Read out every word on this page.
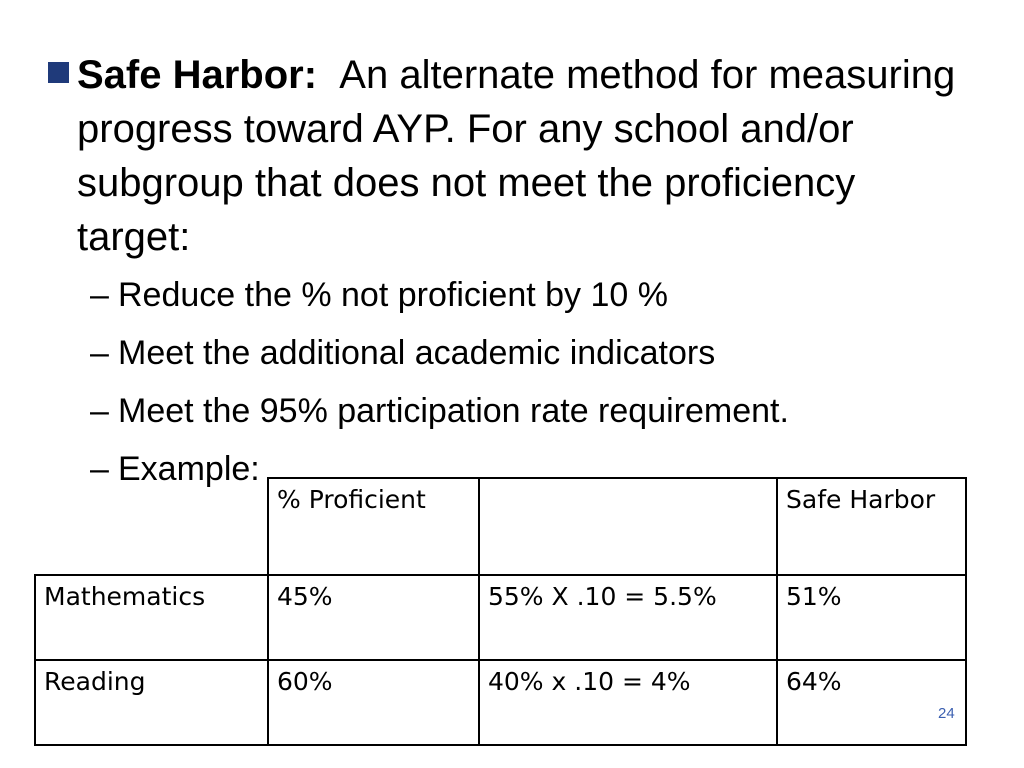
Safe Harbor: An alternate method for measuring progress toward AYP. For any school and/or subgroup that does not meet the proficiency target:
– Reduce the % not proficient by 10 %
– Meet the additional academic indicators
– Meet the 95% participation rate requirement.
– Example:
	% Proficient		Safe Harbor
Mathematics	45%	55% X .10 = 5.5%	51%
Reading	60%	40% x .10 = 4%	64%
24
